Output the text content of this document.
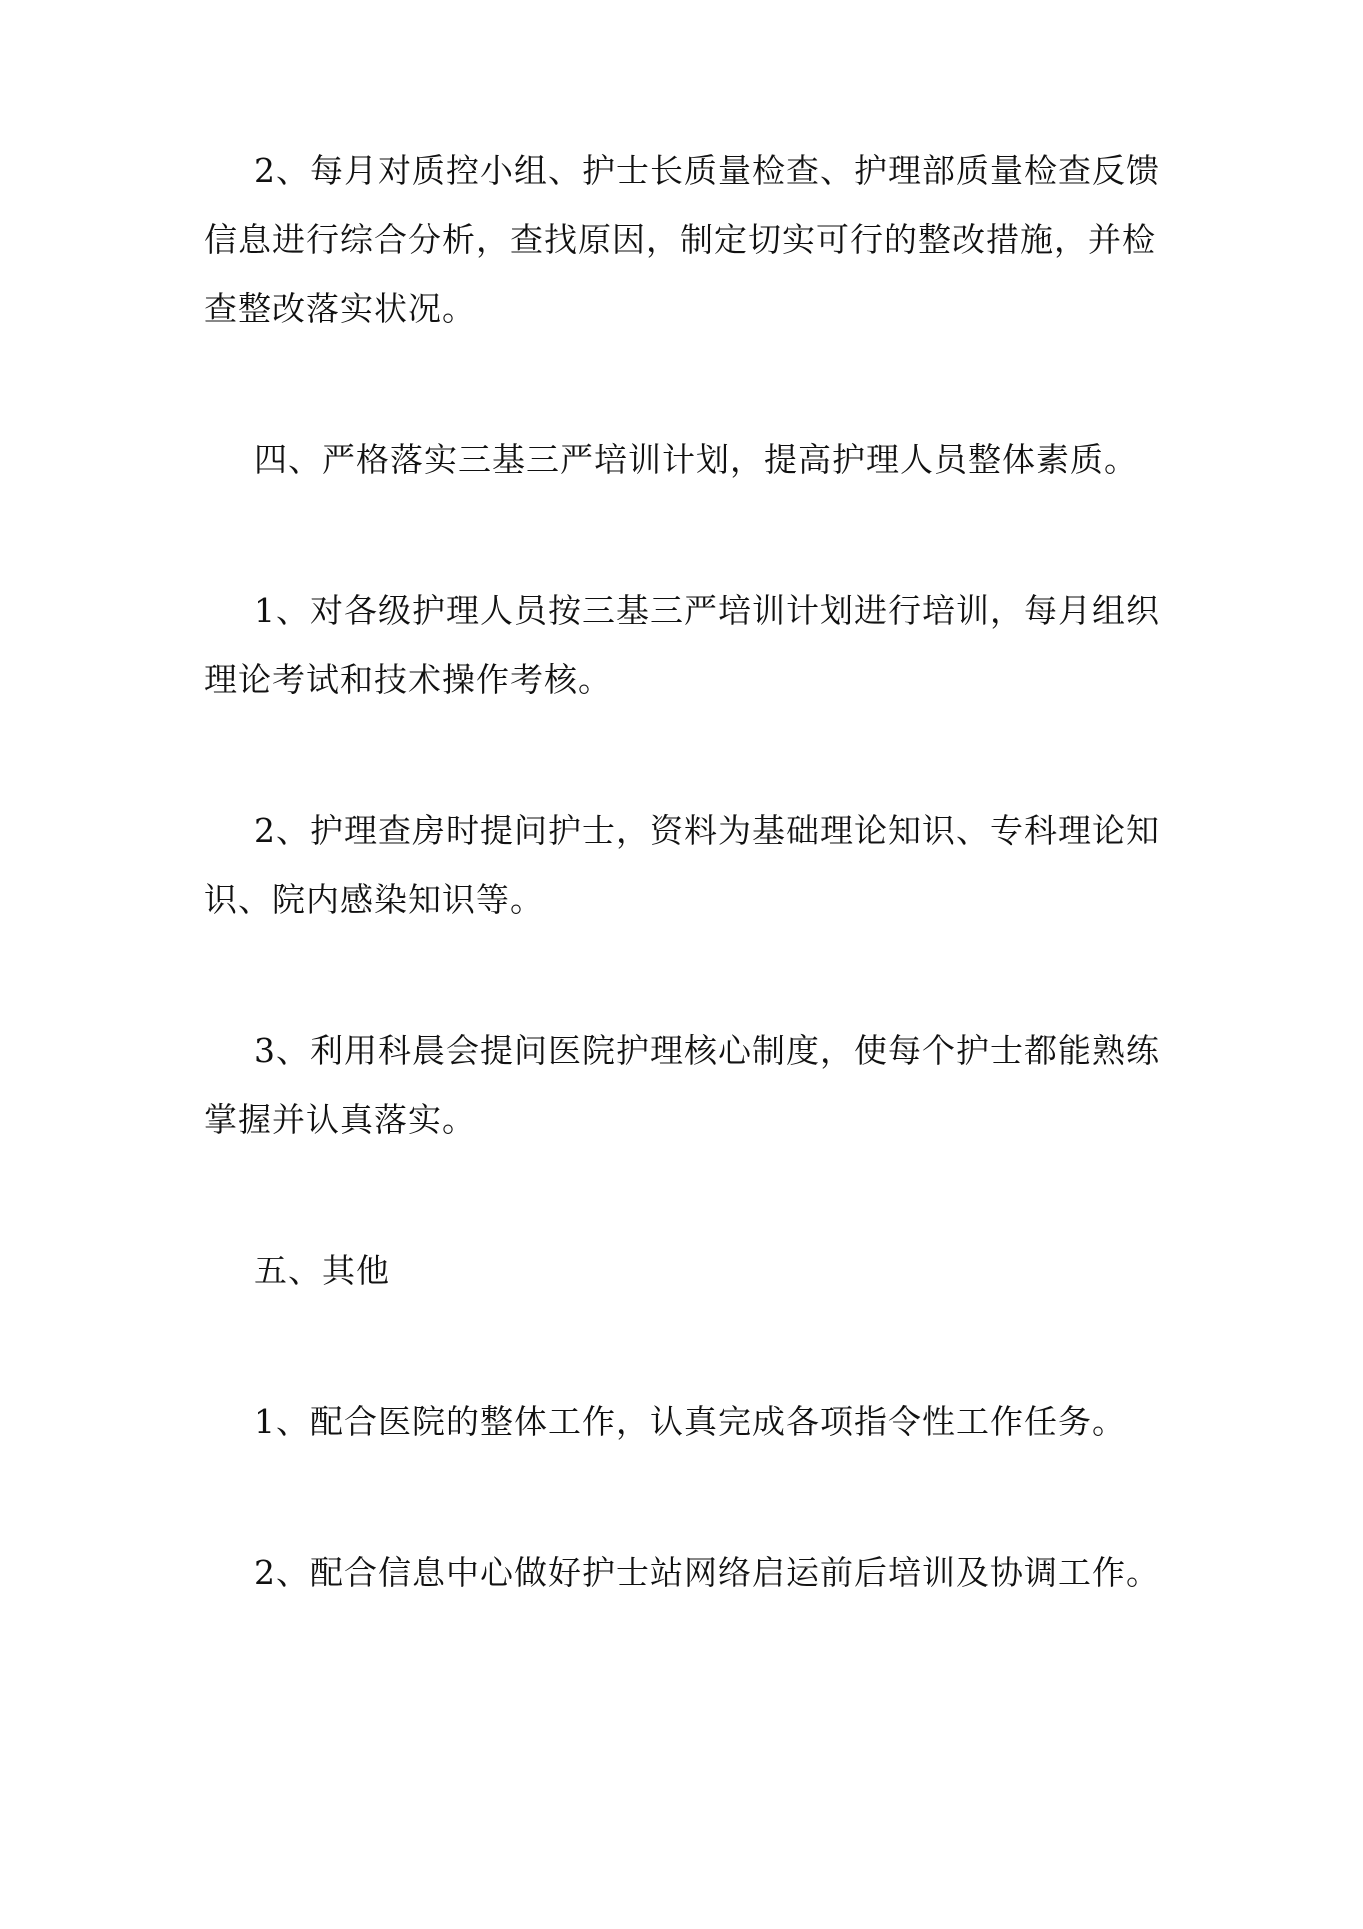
2、每月对质控小组、护士长质量检查、护理部质量检查反馈信息进行综合分析，查找原因，制定切实可行的整改措施，并检查整改落实状况。

四、严格落实三基三严培训计划，提高护理人员整体素质。

1、对各级护理人员按三基三严培训计划进行培训，每月组织理论考试和技术操作考核。

2、护理查房时提问护士，资料为基础理论知识、专科理论知识、院内感染知识等。

3、利用科晨会提问医院护理核心制度，使每个护士都能熟练掌握并认真落实。

五、其他

1、配合医院的整体工作，认真完成各项指令性工作任务。

2、配合信息中心做好护士站网络启运前后培训及协调工作。
